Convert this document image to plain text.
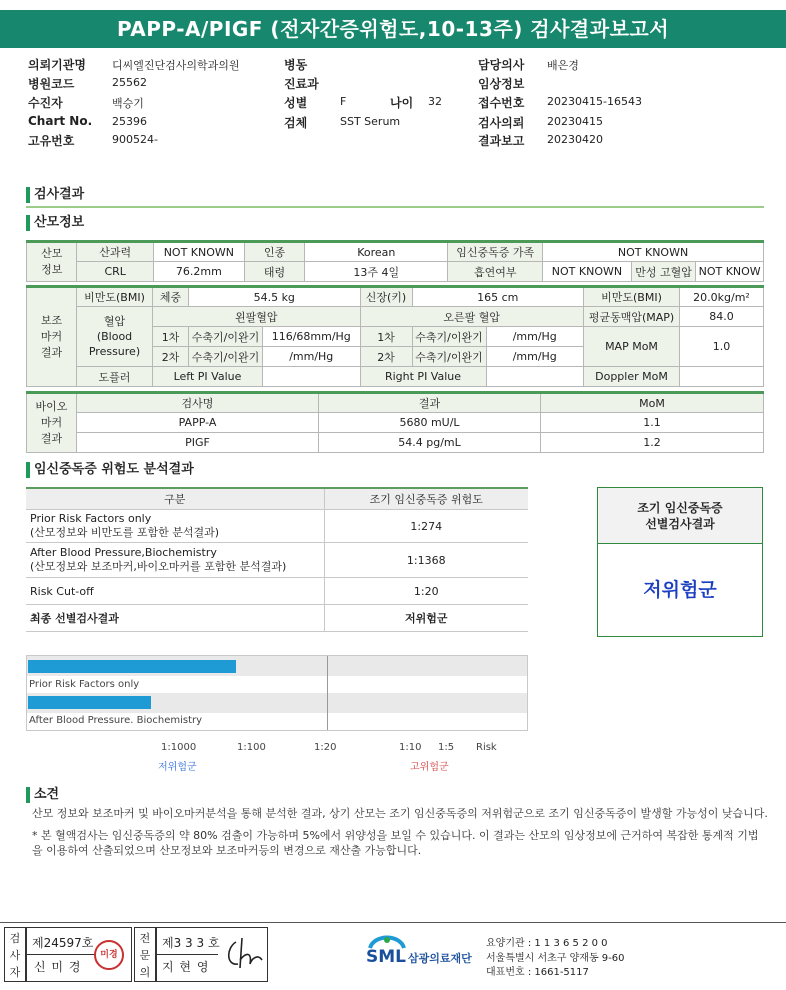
PAPP-A/PIGF (전자간증위험도,10-13주) 검사결과보고서
의뢰기관명 디씨엘진단검사의학과의원
병원코드	25562
수진자	백승기
Chart No. 25396
고유번호	900524-
병동
진료과
성별	F	나이 32
검체	SST Serum
담당의사 배은경
임상정보
접수번호 20230415-16543
검사의뢰 20230415
결과보고 20230420
검사결과
산모정보
산모
정보	산과력	NOT KNOWN	인종	Korean	임신중독증 가족	NOT KNOWN		
	CRL	76.2mm	태령	13주 4일	흡연여부	NOT KNOWN	만성 고혈압	NOT KNOW
보조
마커
결과	비만도(BMI)	체중	54.5 kg		신장(키)	165 cm		비만도(BMI)	20.0kg/m²

	혈압
(Blood
Pressure)	왼팔혈압			오른팔 혈압			평균동맥압(MAP)	84.0
		1차	수축기/이완기	116/68mm/Hg	1차	수축기/이완기	/mm/Hg	MAP MoM	1.0
		2차	수축기/이완기	/mm/Hg	2차	수축기/이완기	/mm/Hg		
	도플러	Left PI Value			Right PI Value			Doppler MoM	
바이오
마커
결과	검사명	결과	MoM
	PAPP-A	5680 mU/L	1.1
	PIGF	54.4 pg/mL	1.2
임신중독증 위험도 분석결과
구분	조기 임신중독증 위험도

Prior Risk Factors only
(산모정보와 비만도를 포함한 분석결과)	1:274

After Blood Pressure,Biochemistry
(산모정보와 보조마커,바이오마커를 포함한 분석결과)	1:1368
Risk Cut-off	1:20
최종 선별검사결과	저위험군
조기 임신중독증
선별검사결과
저위험군
Prior Risk Factors only
After Blood Pressure. Biochemistry
1:1000	1:100	1:20	1:10 1:5 Risk
저위험군	고위험군
소견
산모 정보와 보조마커 및 바이오마커분석을 통해 분석한 결과, 상기 산모는 조기 임신중독증의 저위험군으로 조기 임신중독증이 발생할 가능성이 낮습니다.
* 본 혈액검사는 임신중독증의 약 80% 검출이 가능하며 5%에서 위양성을 보일 수 있습니다. 이 결과는 산모의 임상정보에 근거하여 복잡한 통계적 기법
을 이용하여 산출되었으며 산모정보와 보조마커등의 변경으로 재산출 가능합니다.
검
사
자
제24597호
신 미 경
미경
전
문
의
제3 3 3 호
지 현 영	SML 삼광의료재단
요양기관 : 1 1 3 6 5 2 0 0
서울특별시 서초구 양재동 9-60
대표번호 : 1661-5117
